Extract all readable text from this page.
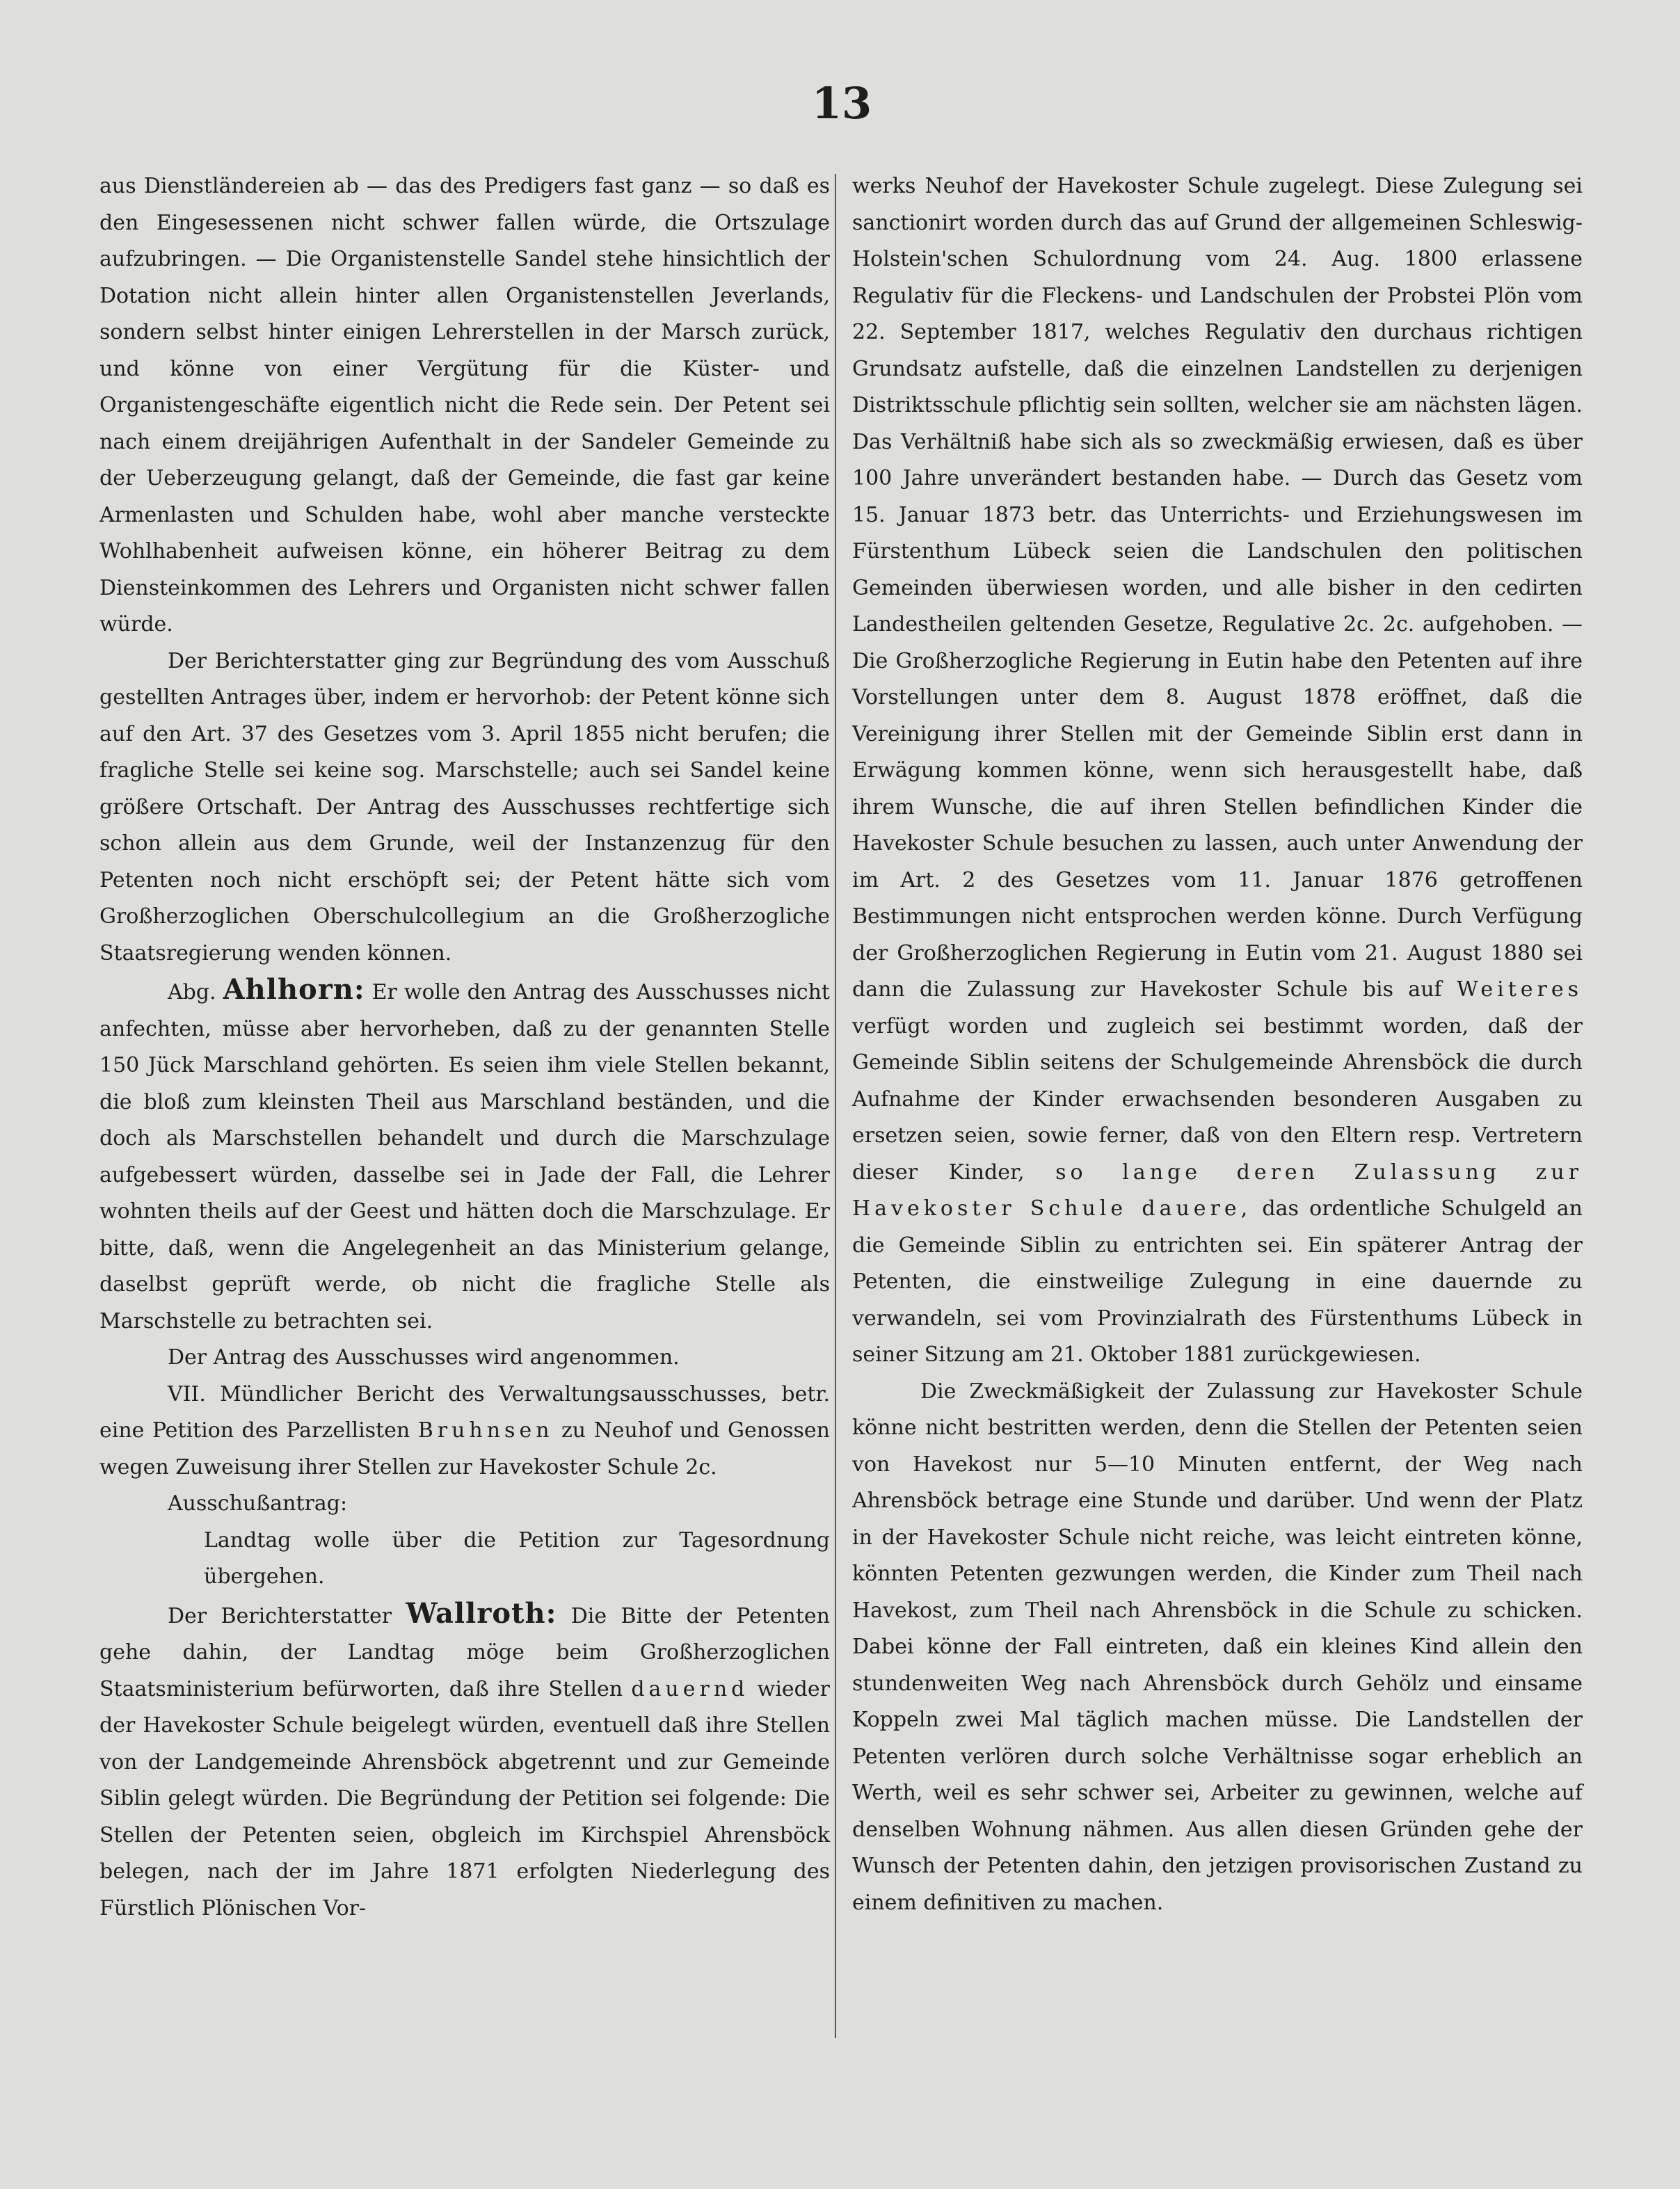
13

aus Dienstländereien ab — das des Predigers fast ganz — so daß es den Eingesessenen nicht schwer fallen würde, die Ortszulage aufzubringen. — Die Organistenstelle Sandel stehe hinsichtlich der Dotation nicht allein hinter allen Organistenstellen Jeverlands, sondern selbst hinter einigen Lehrerstellen in der Marsch zurück, und könne von einer Vergütung für die Küster- und Organistengeschäfte eigentlich nicht die Rede sein. Der Petent sei nach einem dreijährigen Aufenthalt in der Sandeler Gemeinde zu der Ueberzeugung gelangt, daß der Gemeinde, die fast gar keine Armenlasten und Schulden habe, wohl aber manche versteckte Wohlhabenheit aufweisen könne, ein höherer Beitrag zu dem Diensteinkommen des Lehrers und Organisten nicht schwer fallen würde.

Der Berichterstatter ging zur Begründung des vom Ausschuß gestellten Antrages über, indem er hervorhob: der Petent könne sich auf den Art. 37 des Gesetzes vom 3. April 1855 nicht berufen; die fragliche Stelle sei keine sog. Marschstelle; auch sei Sandel keine größere Ortschaft. Der Antrag des Ausschusses rechtfertige sich schon allein aus dem Grunde, weil der Instanzenzug für den Petenten noch nicht erschöpft sei; der Petent hätte sich vom Großherzoglichen Oberschulcollegium an die Großherzogliche Staatsregierung wenden können.

Abg. Ahlhorn: Er wolle den Antrag des Ausschusses nicht anfechten, müsse aber hervorheben, daß zu der genannten Stelle 150 Jück Marschland gehörten. Es seien ihm viele Stellen bekannt, die bloß zum kleinsten Theil aus Marschland beständen, und die doch als Marschstellen behandelt und durch die Marschzulage aufgebessert würden, dasselbe sei in Jade der Fall, die Lehrer wohnten theils auf der Geest und hätten doch die Marschzulage. Er bitte, daß, wenn die Angelegenheit an das Ministerium gelange, daselbst geprüft werde, ob nicht die fragliche Stelle als Marschstelle zu betrachten sei.

Der Antrag des Ausschusses wird angenommen.

VII. Mündlicher Bericht des Verwaltungsausschusses, betr. eine Petition des Parzellisten Bruhnsen zu Neuhof und Genossen wegen Zuweisung ihrer Stellen zur Havekoster Schule 2c.

Ausschußantrag:

Landtag wolle über die Petition zur Tagesordnung übergehen.

Der Berichterstatter Wallroth: Die Bitte der Petenten gehe dahin, der Landtag möge beim Großherzoglichen Staatsministerium befürworten, daß ihre Stellen dauernd wieder der Havekoster Schule beigelegt würden, eventuell daß ihre Stellen von der Landgemeinde Ahrensböck abgetrennt und zur Gemeinde Siblin gelegt würden. Die Begründung der Petition sei folgende: Die Stellen der Petenten seien, obgleich im Kirchspiel Ahrensböck belegen, nach der im Jahre 1871 erfolgten Niederlegung des Fürstlich Plönischen Vor-

werks Neuhof der Havekoster Schule zugelegt. Diese Zulegung sei sanctionirt worden durch das auf Grund der allgemeinen Schleswig-Holstein'schen Schulordnung vom 24. Aug. 1800 erlassene Regulativ für die Fleckens- und Landschulen der Probstei Plön vom 22. September 1817, welches Regulativ den durchaus richtigen Grundsatz aufstelle, daß die einzelnen Landstellen zu derjenigen Distriktsschule pflichtig sein sollten, welcher sie am nächsten lägen. Das Verhältniß habe sich als so zweckmäßig erwiesen, daß es über 100 Jahre unverändert bestanden habe. — Durch das Gesetz vom 15. Januar 1873 betr. das Unterrichts- und Erziehungswesen im Fürstenthum Lübeck seien die Landschulen den politischen Gemeinden überwiesen worden, und alle bisher in den cedirten Landestheilen geltenden Gesetze, Regulative 2c. 2c. aufgehoben. — Die Großherzogliche Regierung in Eutin habe den Petenten auf ihre Vorstellungen unter dem 8. August 1878 eröffnet, daß die Vereinigung ihrer Stellen mit der Gemeinde Siblin erst dann in Erwägung kommen könne, wenn sich herausgestellt habe, daß ihrem Wunsche, die auf ihren Stellen befindlichen Kinder die Havekoster Schule besuchen zu lassen, auch unter Anwendung der im Art. 2 des Gesetzes vom 11. Januar 1876 getroffenen Bestimmungen nicht entsprochen werden könne. Durch Verfügung der Großherzoglichen Regierung in Eutin vom 21. August 1880 sei dann die Zulassung zur Havekoster Schule bis auf Weiteres verfügt worden und zugleich sei bestimmt worden, daß der Gemeinde Siblin seitens der Schulgemeinde Ahrensböck die durch Aufnahme der Kinder erwachsenden besonderen Ausgaben zu ersetzen seien, sowie ferner, daß von den Eltern resp. Vertretern dieser Kinder, so lange deren Zulassung zur Havekoster Schule dauere, das ordentliche Schulgeld an die Gemeinde Siblin zu entrichten sei. Ein späterer Antrag der Petenten, die einstweilige Zulegung in eine dauernde zu verwandeln, sei vom Provinzialrath des Fürstenthums Lübeck in seiner Sitzung am 21. Oktober 1881 zurückgewiesen.

Die Zweckmäßigkeit der Zulassung zur Havekoster Schule könne nicht bestritten werden, denn die Stellen der Petenten seien von Havekost nur 5—10 Minuten entfernt, der Weg nach Ahrensböck betrage eine Stunde und darüber. Und wenn der Platz in der Havekoster Schule nicht reiche, was leicht eintreten könne, könnten Petenten gezwungen werden, die Kinder zum Theil nach Havekost, zum Theil nach Ahrensböck in die Schule zu schicken. Dabei könne der Fall eintreten, daß ein kleines Kind allein den stundenweiten Weg nach Ahrensböck durch Gehölz und einsame Koppeln zwei Mal täglich machen müsse. Die Landstellen der Petenten verlören durch solche Verhältnisse sogar erheblich an Werth, weil es sehr schwer sei, Arbeiter zu gewinnen, welche auf denselben Wohnung nähmen. Aus allen diesen Gründen gehe der Wunsch der Petenten dahin, den jetzigen provisorischen Zustand zu einem definitiven zu machen.
